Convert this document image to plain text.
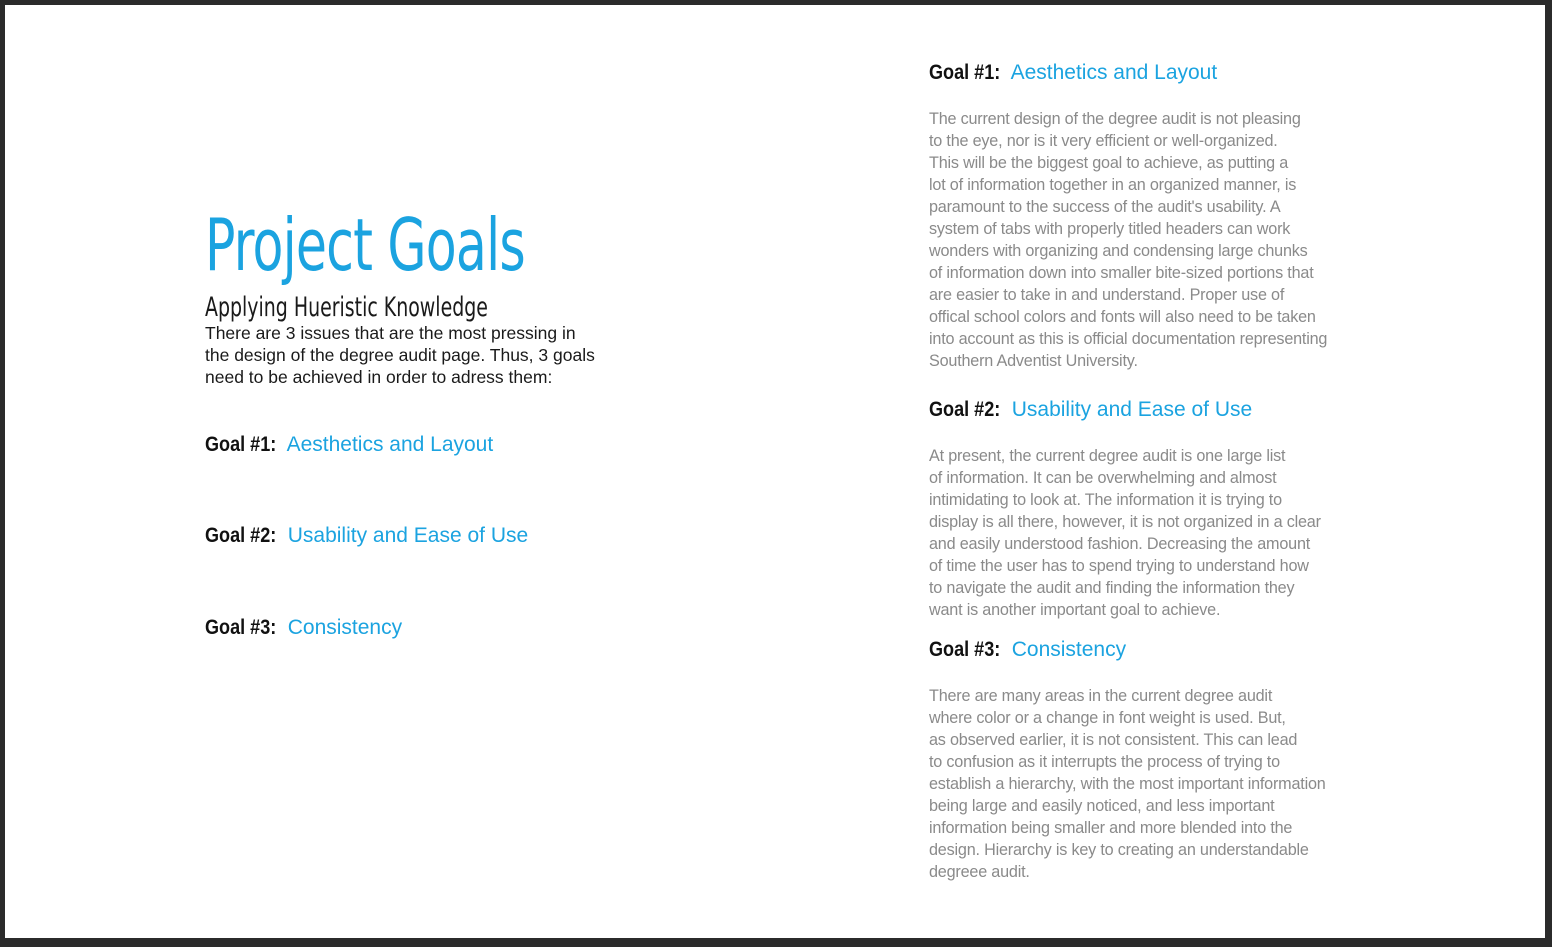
Project Goals
Applying Hueristic Knowledge

There are 3 issues that are the most pressing in
the design of the degree audit page. Thus, 3 goals
need to be achieved in order to adress them:

Goal #1: Aesthetics and Layout

Goal #2: Usability and Ease of Use

Goal #3: Consistency

Goal #1: Aesthetics and Layout

The current design of the degree audit is not pleasing
to the eye, nor is it very efficient or well-organized.
This will be the biggest goal to achieve, as putting a
lot of information together in an organized manner, is
paramount to the success of the audit's usability. A
system of tabs with properly titled headers can work
wonders with organizing and condensing large chunks
of information down into smaller bite-sized portions that
are easier to take in and understand. Proper use of
offical school colors and fonts will also need to be taken
into account as this is official documentation representing
Southern Adventist University.

Goal #2: Usability and Ease of Use

At present, the current degree audit is one large list
of information. It can be overwhelming and almost
intimidating to look at. The information it is trying to
display is all there, however, it is not organized in a clear
and easily understood fashion. Decreasing the amount
of time the user has to spend trying to understand how
to navigate the audit and finding the information they
want is another important goal to achieve.

Goal #3: Consistency

There are many areas in the current degree audit
where color or a change in font weight is used. But,
as observed earlier, it is not consistent. This can lead
to confusion as it interrupts the process of trying to
establish a hierarchy, with the most important information
being large and easily noticed, and less important
information being smaller and more blended into the
design. Hierarchy is key to creating an understandable
degreee audit.
